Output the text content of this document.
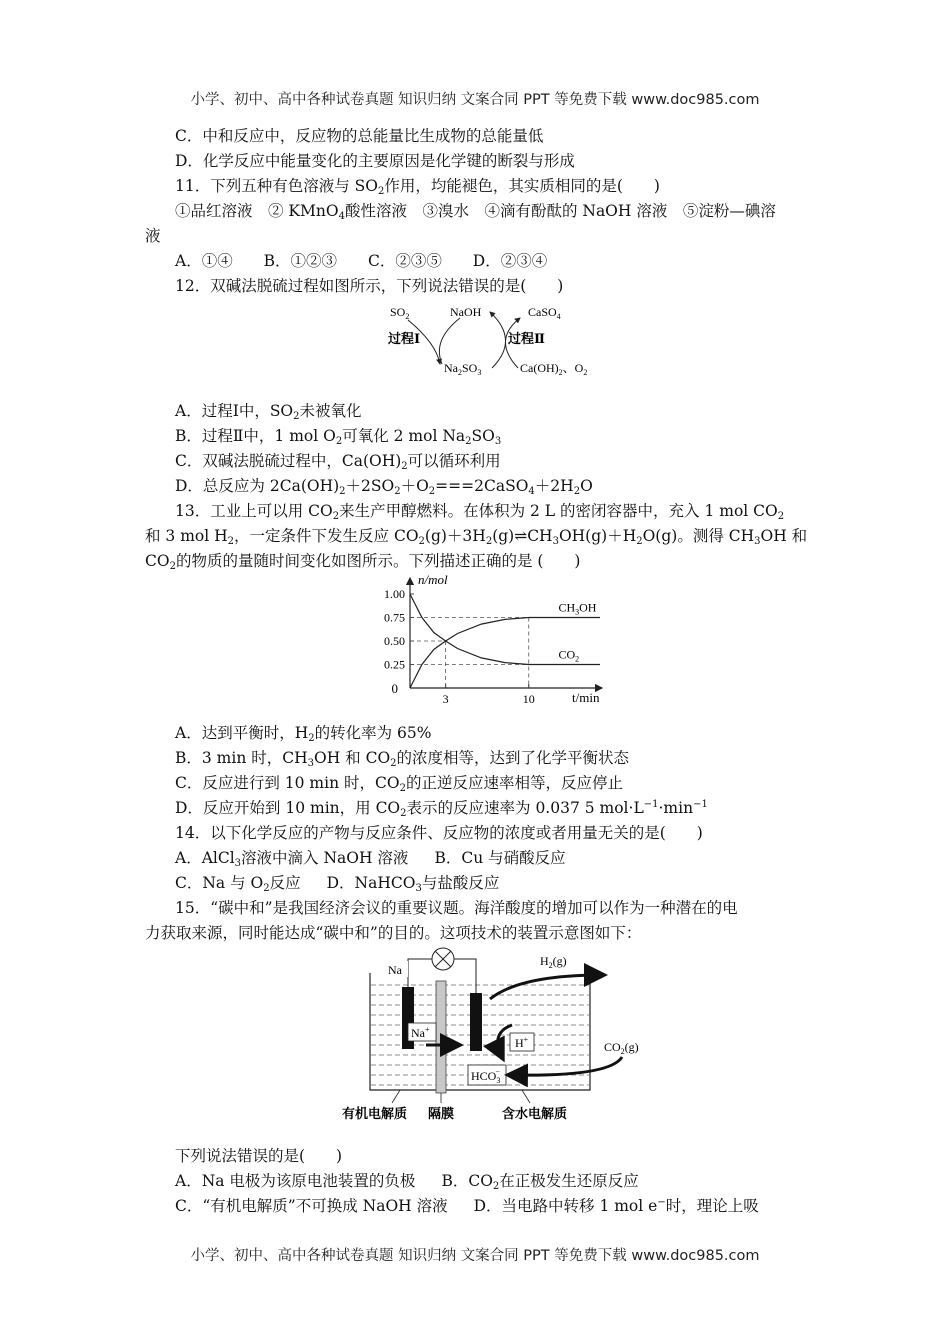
小学、初中、高中各种试卷真题 知识归纳 文案合同 PPT 等免费下载 www.doc985.com
C．中和反应中，反应物的总能量比生成物的总能量低
D．化学反应中能量变化的主要原因是化学键的断裂与形成
11．下列五种有色溶液与 $SO_2$作用，均能褪色，其实质相同的是(　　)
①品红溶液　② KMnO$_4$酸性溶液　③溴水　④滴有酚酞的 NaOH 溶液　⑤淀粉—碘溶
液
A．①④ B．①②③ C．②③⑤ D．②③④
12．双碱法脱硫过程如图所示，下列说法错误的是(　　)
$SO_2$	NaOH	CaSO$_4$
过程Ⅰ	过程Ⅱ
$Na_2SO_3$	$Ca(OH)_2$、$O_2$
A．过程Ⅰ中，$SO_2$未被氧化
B．过程Ⅱ中，1 mol $O_2$可氧化 2 mol $Na_2SO_3$
C．双碱法脱硫过程中，$Ca(OH)_2$可以循环利用
D．总反应为 $2Ca(OH)_2+2SO_2+O_2===2CaSO_4+2H_2O$
13．工业上可以用 $CO_2$来生产甲醇燃料。在体积为 2 L 的密闭容器中，充入 1 mol $CO_2$
和 3 mol $H_2$，一定条件下发生反应 $CO_2(g)+3H_2(g)\rightleftharpoons CH_3OH(g)+H_2O(g)$。测得 $CH_3OH$ 和
$CO_2$的物质的量随时间变化如图所示。下列描述正确的是 (　　)
n/mol
t/min
0
1.00
0.75
0.50
0.25
3	10
$CH_3OH$
$CO_2$
A．达到平衡时，$H_2$的转化率为 65%
B．3 min 时，$CH_3OH$ 和 $CO_2$的浓度相等，达到了化学平衡状态
C．反应进行到 10 min 时，$CO_2$的正逆反应速率相等，反应停止
D．反应开始到 10 min，用 $CO_2$表示的反应速率为 0.037 5 $mol\cdot L^{-1}\cdot\min^{-1}$
14．以下化学反应的产物与反应条件、反应物的浓度或者用量无关的是(　　)
A．AlCl$_3$溶液中滴入 NaOH 溶液 B．Cu 与硝酸反应
C．Na 与 $O_2$反应 D．NaHCO$_3$与盐酸反应
15．“碳中和”是我国经济会议的重要议题。海洋酸度的增加可以作为一种潜在的电
力获取来源，同时能达成“碳中和”的目的。这项技术的装置示意图如下：
Na
Na+
H+
$HCO_3-$
$H_2(g)$
$CO_2(g)$
有机电解质 隔膜	含水电解质
下列说法错误的是(　　)
A．Na 电极为该原电池装置的负极 B．$CO_2$在正极发生还原反应
C．“有机电解质”不可换成 NaOH 溶液 D．当电路中转移 1 mol e−时，理论上吸
小学、初中、高中各种试卷真题 知识归纳 文案合同 PPT 等免费下载 www.doc985.com
